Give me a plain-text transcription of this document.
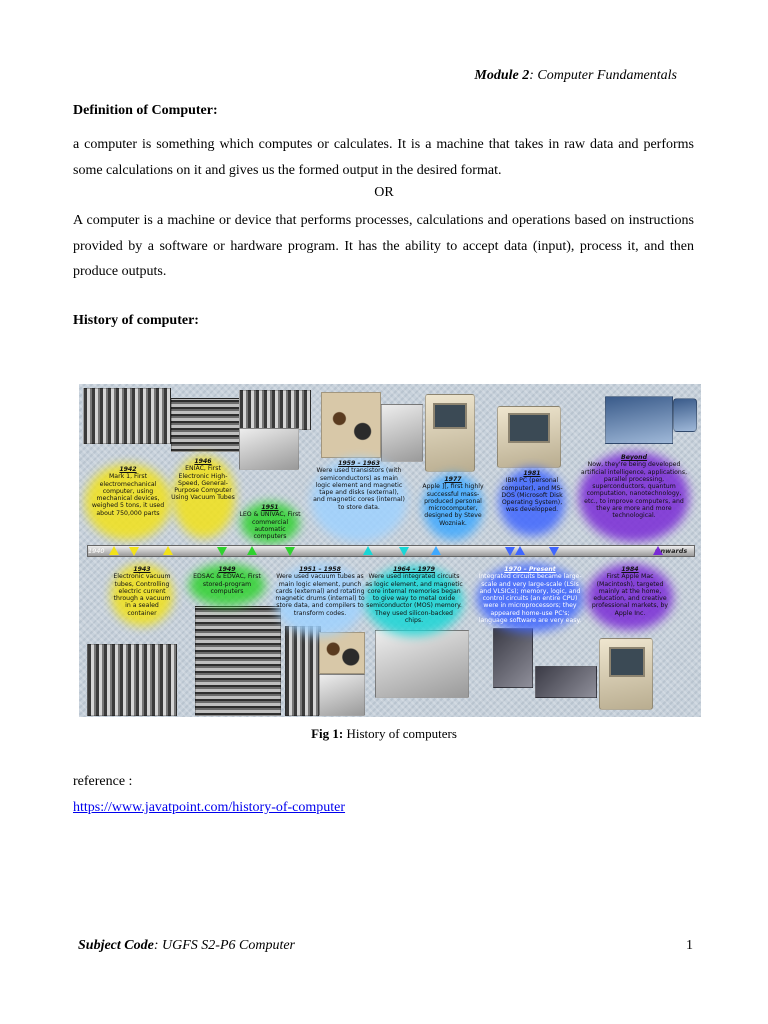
Module 2: Computer Fundamentals
Definition of Computer:

a computer is something which computes or calculates. It is a machine that takes in raw data and performs some calculations on it and gives us the formed output in the desired format.

OR

A computer is a machine or device that performs processes, calculations and operations based on instructions provided by a software or hardware program. It has the ability to accept data (input), process it, and then produce outputs.

History of computer:
1942
Mark 1, First electromechanical computer, using mechanical devices, weighed 5 tons, it used about 750,000 parts
1946
ENIAC, First Electronic High-Speed, General-Purpose Computer Using Vacuum Tubes
1951
LEO & UNIVAC, First commercial automatic computers
1959 – 1963
Were used transistors (with semiconductors) as main logic element and magnetic tape and disks (external), and magnetic cores (internal) to store data.
1977
Apple ][, first highly successful mass-produced personal microcomputer, designed by Steve Wozniak.
1981
IBM PC (personal computer), and MS-DOS (Microsoft Disk Operating System), was developped.
Beyond
Now, they're being developed artificial intelligence, applications, parallel processing, superconductors, quantum computation, nanotechnology, etc., to improve computers, and they are more and more technological.
1940	Onwards
1943
Electronic vacuum tubes, Controlling electric current through a vacuum in a sealed container
1949
EDSAC & EDVAC, First stored-program computers
1951 – 1958
Were used vacuum tubes as main logic element, punch cards (external) and rotating magnetic drums (internal) to store data, and compilers to transform codes.
1964 – 1979
Were used integrated circuits as logic element, and magnetic core internal memories began to give way to metal oxide semiconductor (MOS) memory. They used silicon-backed chips.
1970 – Present
Integrated circuits became large-scale and very large-scale (LSIs and VLSICs); memory, logic, and control circuits (an entire CPU) were in microprocessors; they appeared home-use PC's; language software are very easy.
1984
First Apple Mac (Macintosh), targeted mainly at the home, education, and creative professional markets, by Apple Inc.
Fig 1: History of computers
reference :
https://www.javatpoint.com/history-of-computer
Subject Code: UGFS S2-P6 Computer	1
